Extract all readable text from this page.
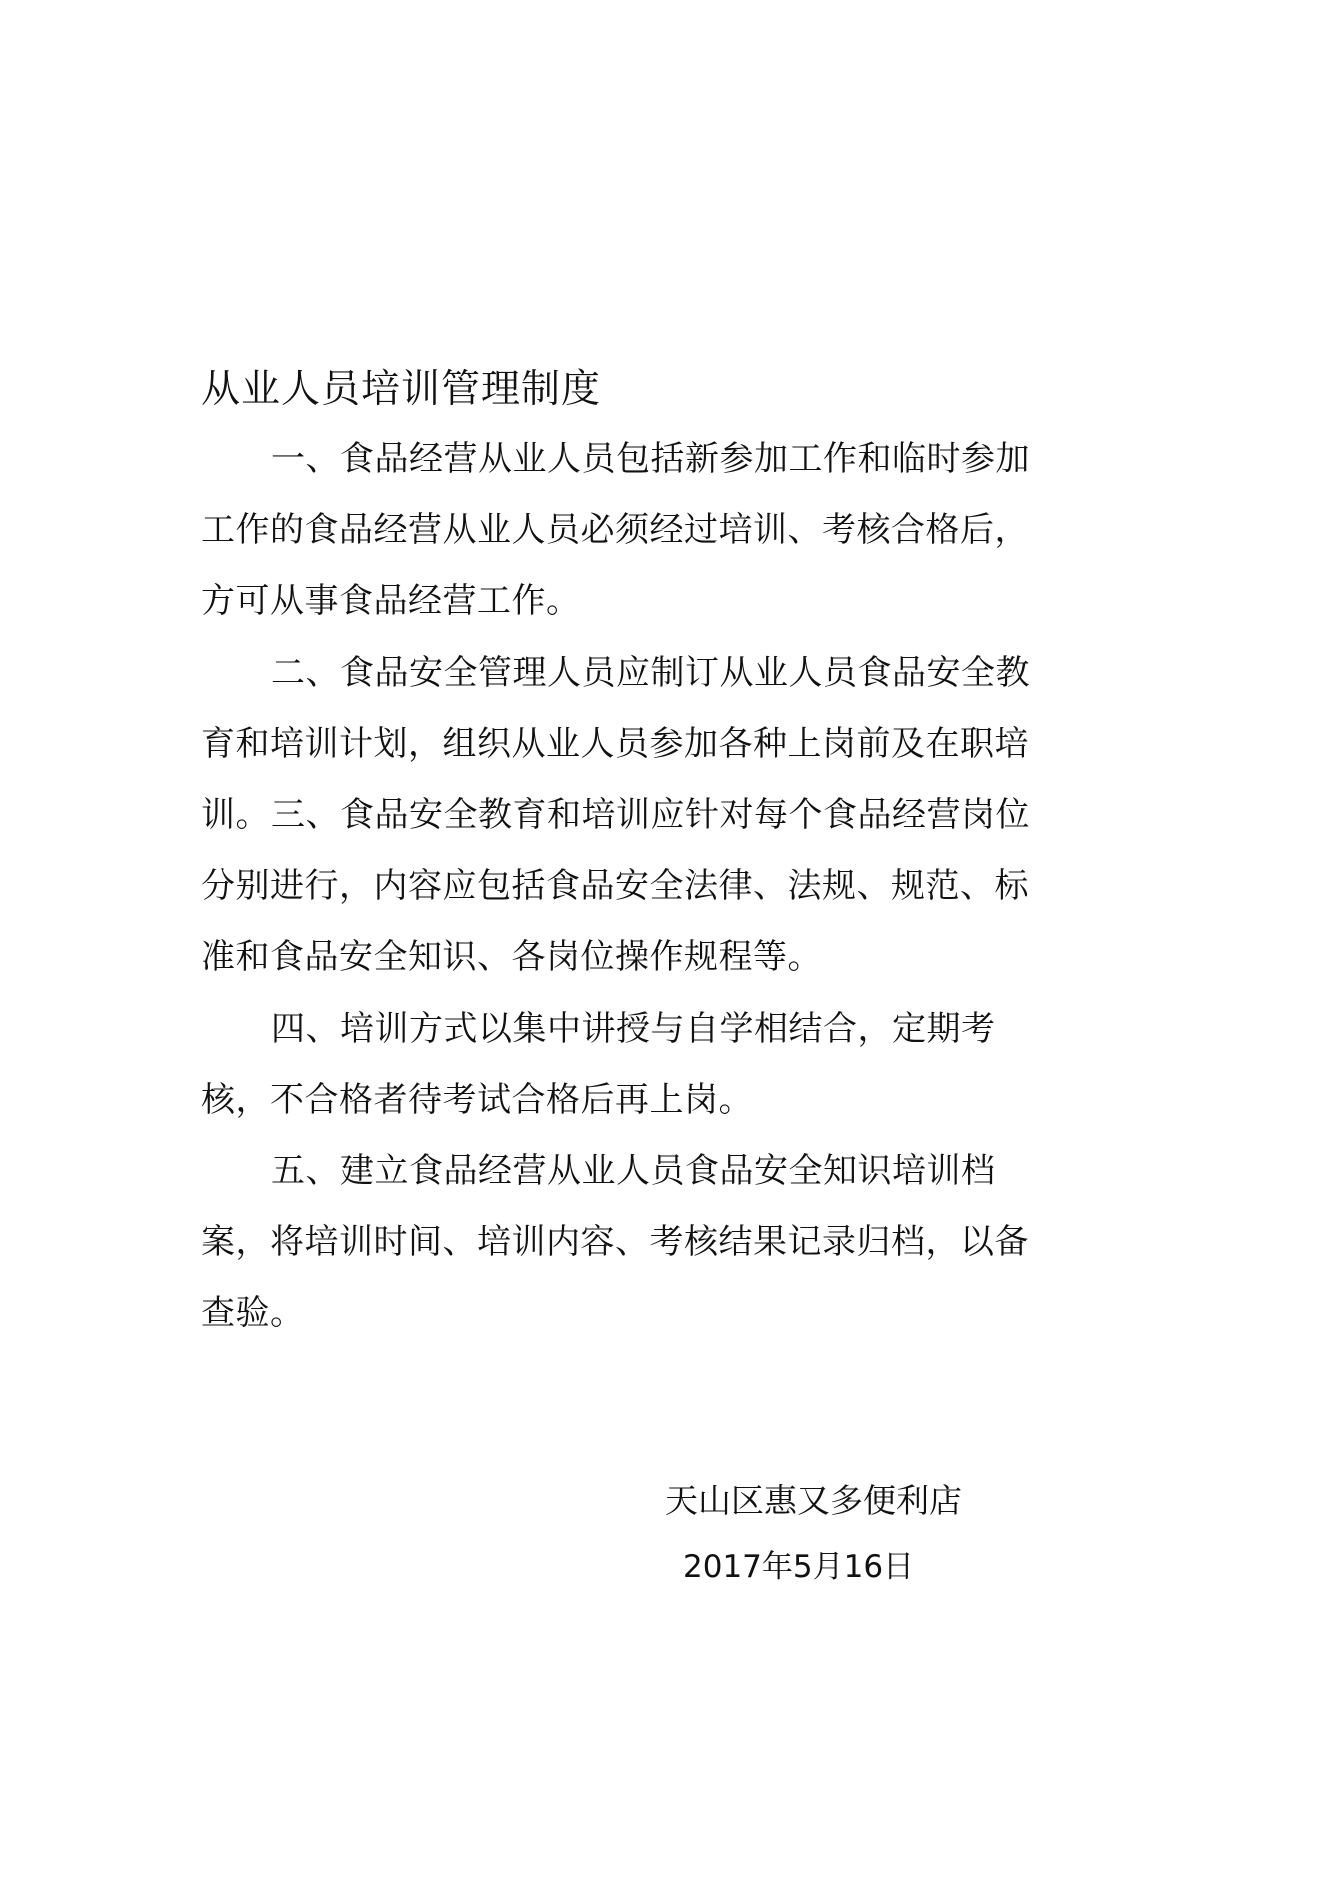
从业人员培训管理制度

一、食品经营从业人员包括新参加工作和临时参加工作的食品经营从业人员必须经过培训、考核合格后，方可从事食品经营工作。

二、食品安全管理人员应制订从业人员食品安全教育和培训计划，组织从业人员参加各种上岗前及在职培训。 三、食品安全教育和培训应针对每个食品经营岗位分别进行，内容应包括食品安全法律、法规、规范、标准和食品安全知识、各岗位操作规程等。

四、培训方式以集中讲授与自学相结合，定期考核，不合格者待考试合格后再上岗。

五、建立食品经营从业人员食品安全知识培训档案，将培训时间、培训内容、考核结果记录归档，以备查验。

天山区惠又多便利店
2017年5月16日
